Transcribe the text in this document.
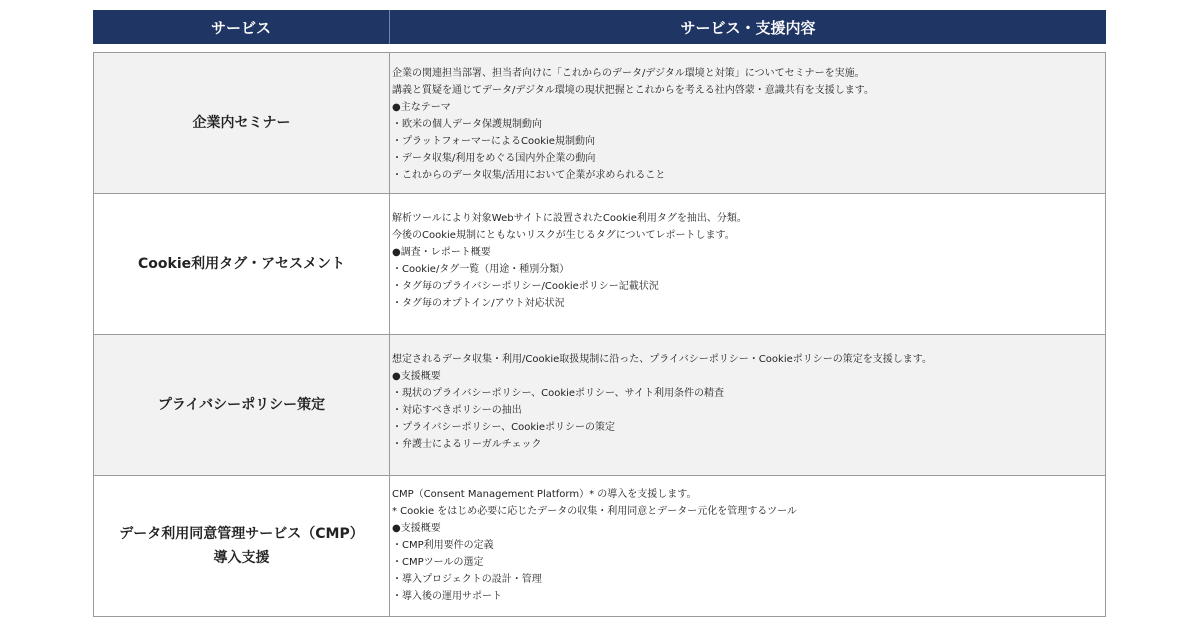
サービス	サービス・支援内容
企業内セミナー
企業の関連担当部署、担当者向けに「これからのデータ/デジタル環境と対策」についてセミナーを実施。
講義と質疑を通じてデータ/デジタル環境の現状把握とこれからを考える社内啓蒙・意識共有を支援します。
●主なテーマ
・欧米の個人データ保護規制動向
・プラットフォーマーによるCookie規制動向
・データ収集/利用をめぐる国内外企業の動向
・これからのデータ収集/活用において企業が求められること
Cookie利用タグ・アセスメント
解析ツールにより対象Webサイトに設置されたCookie利用タグを抽出、分類。
今後のCookie規制にともないリスクが生じるタグについてレポートします。
●調査・レポート概要
・Cookie/タグ一覧（用途・種別分類）
・タグ毎のプライバシーポリシー/Cookieポリシー記載状況
・タグ毎のオプトイン/アウト対応状況
プライバシーポリシー策定
想定されるデータ収集・利用/Cookie取扱規制に沿った、プライバシーポリシー・Cookieポリシーの策定を支援します。
●支援概要
・現状のプライバシーポリシー、Cookieポリシー、サイト利用条件の精査
・対応すべきポリシーの抽出
・プライバシーポリシー、Cookieポリシーの策定
・弁護士によるリーガルチェック
データ利用同意管理サービス（CMP）
導入支援
CMP（Consent Management Platform）* の導入を支援します。
* Cookie をはじめ必要に応じたデータの収集・利用同意とデーター元化を管理するツール
●支援概要
・CMP利用要件の定義
・CMPツールの選定
・導入プロジェクトの設計・管理
・導入後の運用サポート
